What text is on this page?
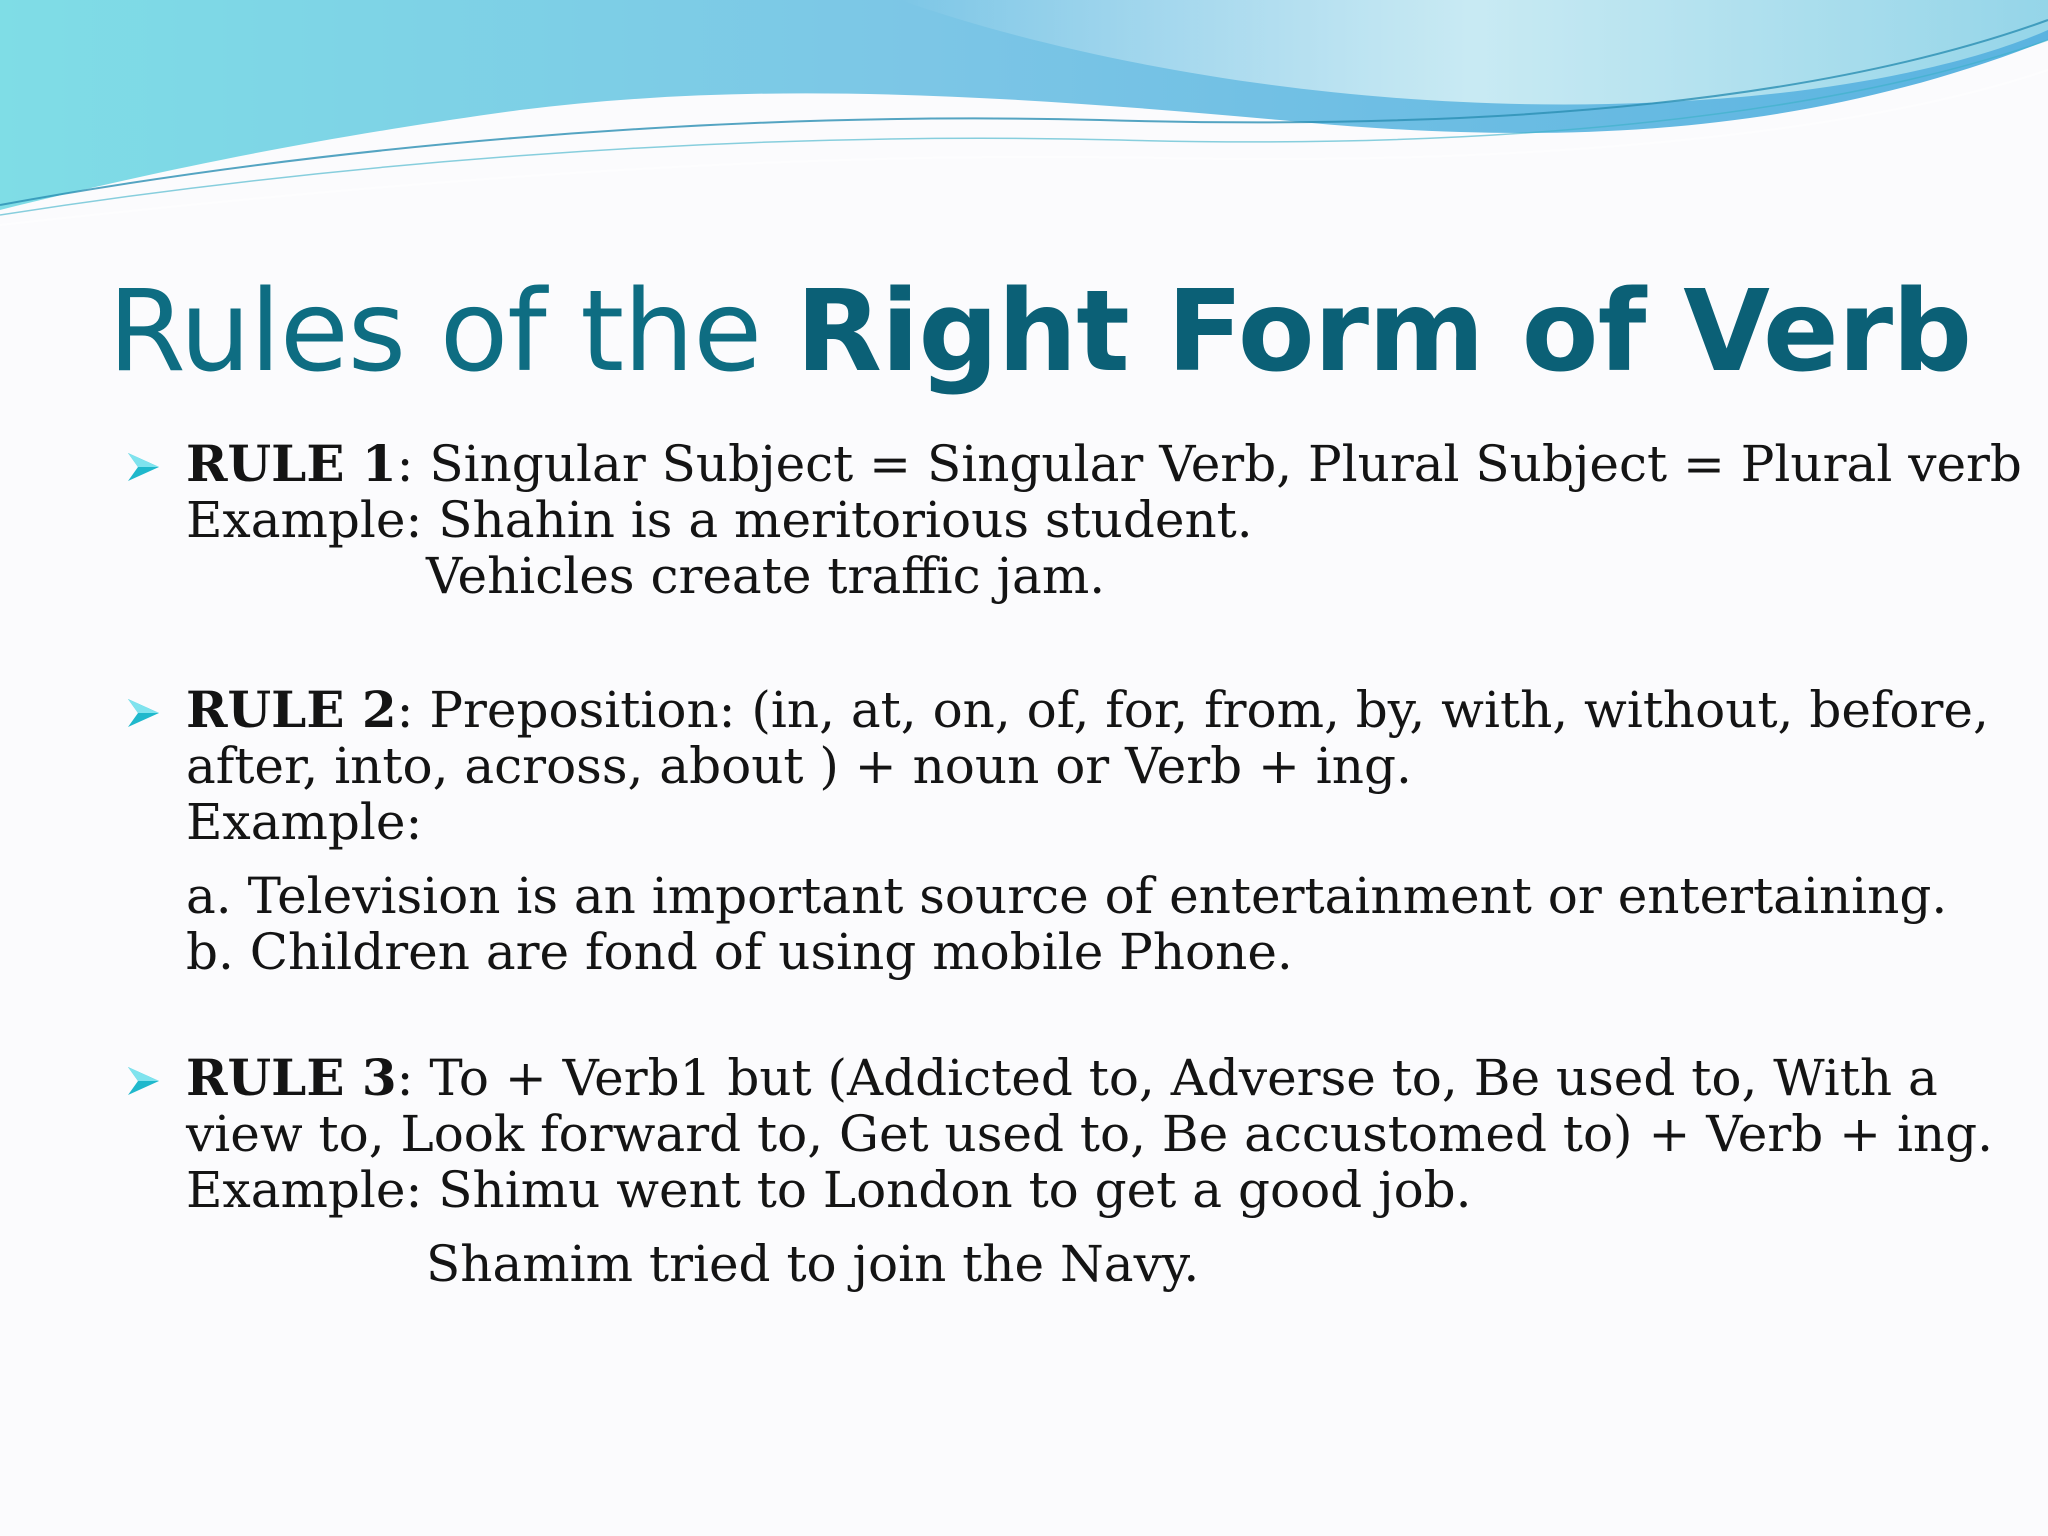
Rules of the Right Form of Verb

RULE 1: Singular Subject = Singular Verb, Plural Subject = Plural verb

Example: Shahin is a meritorious student.

Vehicles create traffic jam.

RULE 2: Preposition: (in, at, on, of, for, from, by, with, without, before,

after, into, across, about ) + noun or Verb + ing.

Example:

a. Television is an important source of entertainment or entertaining.

b. Children are fond of using mobile Phone.

RULE 3: To + Verb1 but (Addicted to, Adverse to, Be used to, With a

view to, Look forward to, Get used to, Be accustomed to) + Verb + ing.

Example: Shimu went to London to get a good job.

Shamim tried to join the Navy.
